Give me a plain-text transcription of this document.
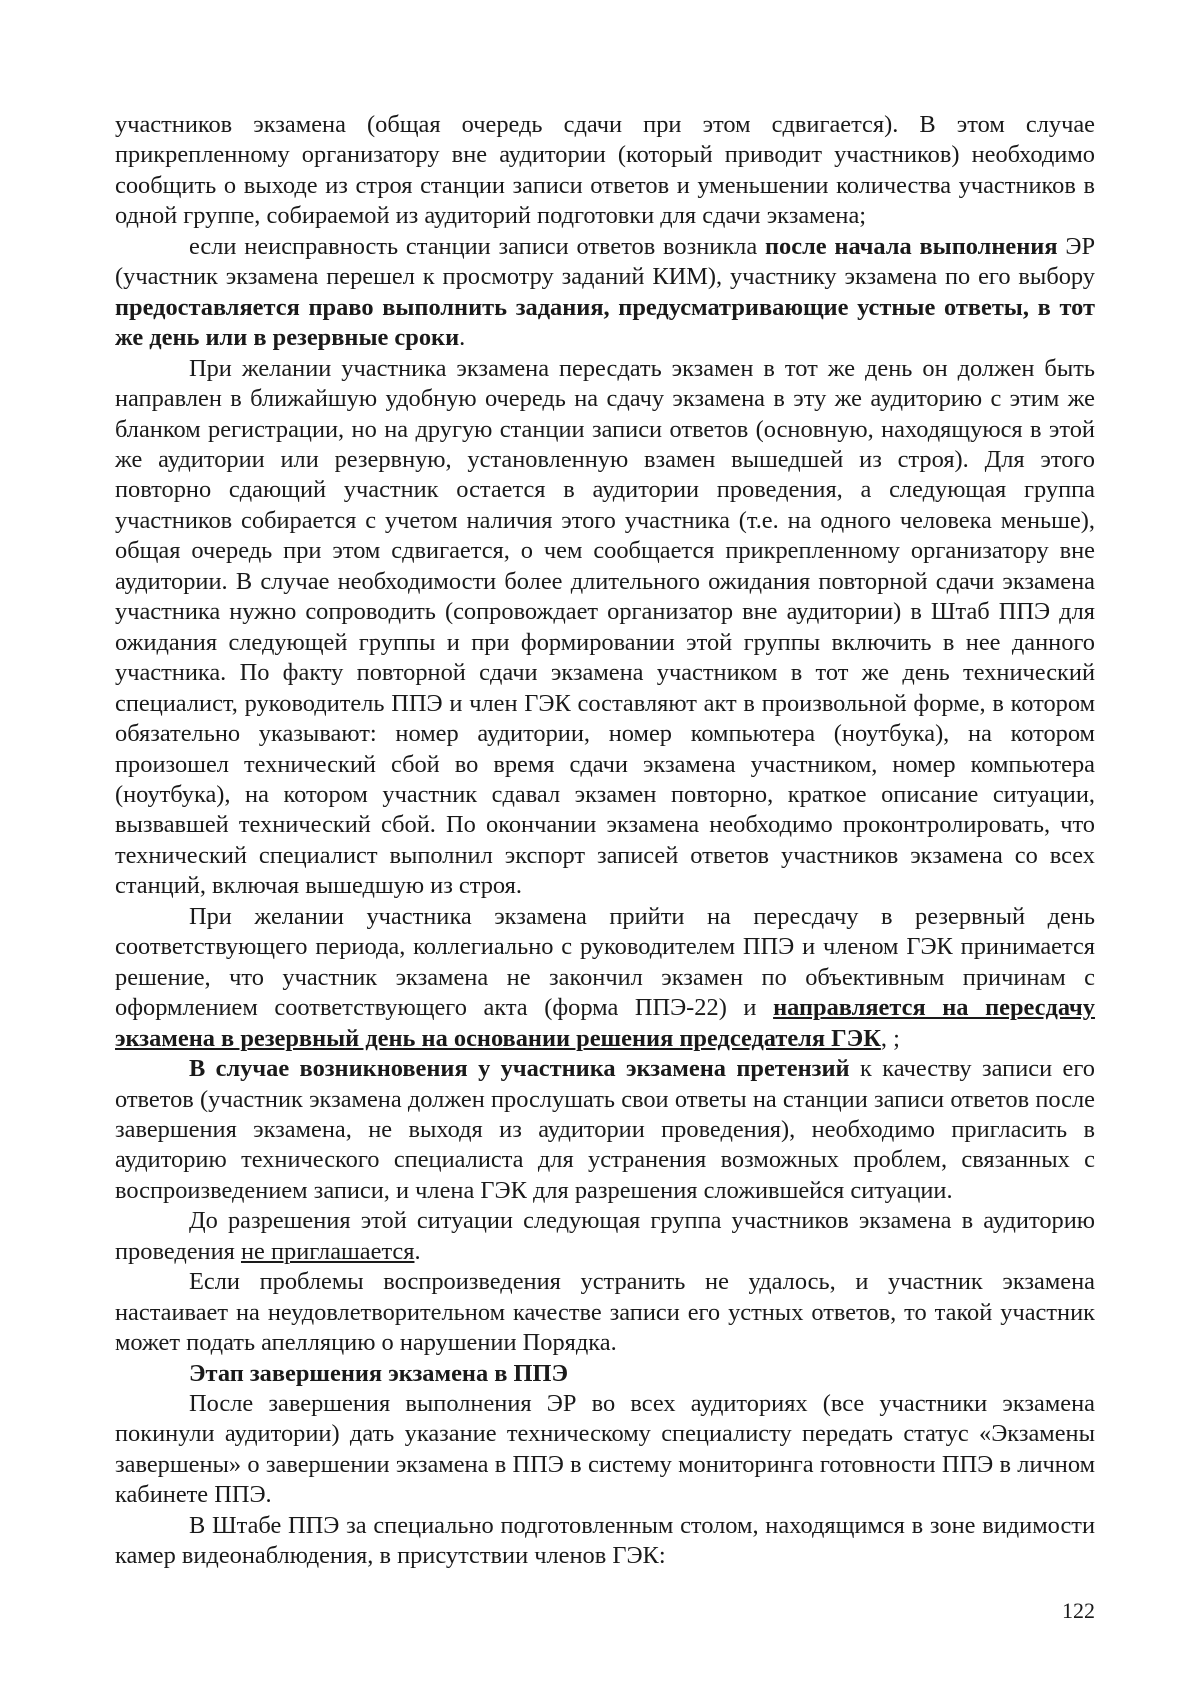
участников экзамена (общая очередь сдачи при этом сдвигается). В этом случае прикрепленному организатору вне аудитории (который приводит участников) необходимо сообщить о выходе из строя станции записи ответов и уменьшении количества участников в одной группе, собираемой из аудиторий подготовки для сдачи экзамена;

если неисправность станции записи ответов возникла после начала выполнения ЭР (участник экзамена перешел к просмотру заданий КИМ), участнику экзамена по его выбору предоставляется право выполнить задания, предусматривающие устные ответы, в тот же день или в резервные сроки.

При желании участника экзамена пересдать экзамен в тот же день он должен быть направлен в ближайшую удобную очередь на сдачу экзамена в эту же аудиторию с этим же бланком регистрации, но на другую станции записи ответов (основную, находящуюся в этой же аудитории или резервную, установленную взамен вышедшей из строя). Для этого повторно сдающий участник остается в аудитории проведения, а следующая группа участников собирается с учетом наличия этого участника (т.е. на одного человека меньше), общая очередь при этом сдвигается, о чем сообщается прикрепленному организатору вне аудитории. В случае необходимости более длительного ожидания повторной сдачи экзамена участника нужно сопроводить (сопровождает организатор вне аудитории) в Штаб ППЭ для ожидания следующей группы и при формировании этой группы включить в нее данного участника. По факту повторной сдачи экзамена участником в тот же день технический специалист, руководитель ППЭ и член ГЭК составляют акт в произвольной форме, в котором обязательно указывают: номер аудитории, номер компьютера (ноутбука), на котором произошел технический сбой во время сдачи экзамена участником, номер компьютера (ноутбука), на котором участник сдавал экзамен повторно, краткое описание ситуации, вызвавшей технический сбой. По окончании экзамена необходимо проконтролировать, что технический специалист выполнил экспорт записей ответов участников экзамена со всех станций, включая вышедшую из строя.

При желании участника экзамена прийти на пересдачу в резервный день соответствующего периода, коллегиально с руководителем ППЭ и членом ГЭК принимается решение, что участник экзамена не закончил экзамен по объективным причинам с оформлением соответствующего акта (форма ППЭ-22) и направляется на пересдачу экзамена в резервный день на основании решения председателя ГЭК, ;

В случае возникновения у участника экзамена претензий к качеству записи его ответов (участник экзамена должен прослушать свои ответы на станции записи ответов после завершения экзамена, не выходя из аудитории проведения), необходимо пригласить в аудиторию технического специалиста для устранения возможных проблем, связанных с воспроизведением записи, и члена ГЭК для разрешения сложившейся ситуации.

До разрешения этой ситуации следующая группа участников экзамена в аудиторию проведения не приглашается.

Если проблемы воспроизведения устранить не удалось, и участник экзамена настаивает на неудовлетворительном качестве записи его устных ответов, то такой участник может подать апелляцию о нарушении Порядка.

Этап завершения экзамена в ППЭ

После завершения выполнения ЭР во всех аудиториях (все участники экзамена покинули аудитории) дать указание техническому специалисту передать статус «Экзамены завершены» о завершении экзамена в ППЭ в систему мониторинга готовности ППЭ в личном кабинете ППЭ.

В Штабе ППЭ за специально подготовленным столом, находящимся в зоне видимости камер видеонаблюдения, в присутствии членов ГЭК:

122
